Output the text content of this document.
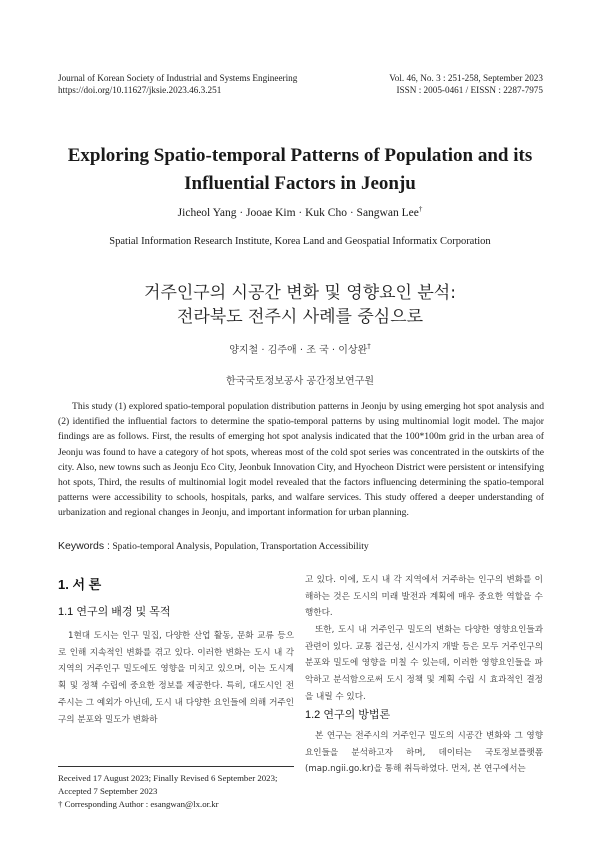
Journal of Korean Society of Industrial and Systems Engineering
https://doi.org/10.11627/jksie.2023.46.3.251
Vol. 46, No. 3 : 251-258, September 2023
ISSN : 2005-0461 / EISSN : 2287-7975
Exploring Spatio-temporal Patterns of Population and its
Influential Factors in Jeonju
Jicheol Yang · Jooae Kim · Kuk Cho · Sangwan Lee†
Spatial Information Research Institute, Korea Land and Geospatial Informatix Corporation
거주인구의 시공간 변화 및 영향요인 분석:
전라북도 전주시 사례를 중심으로
양지철 · 김주애 · 조 국 · 이상완†
한국국토정보공사 공간정보연구원
This study (1) explored spatio-temporal population distribution patterns in Jeonju by using emerging hot spot analysis and (2) identified the influential factors to determine the spatio-temporal patterns by using multinomial logit model. The major findings are as follows. First, the results of emerging hot spot analysis indicated that the 100*100m grid in the urban area of Jeonju was found to have a category of hot spots, whereas most of the cold spot series was concentrated in the outskirts of the city. Also, new towns such as Jeonju Eco City, Jeonbuk Innovation City, and Hyocheon District were persistent or intensifying hot spots, Third, the results of multinomial logit model revealed that the factors influencing determining the spatio-temporal patterns were accessibility to schools, hospitals, parks, and walfare services. This study offered a deeper understanding of urbanization and regional changes in Jeonju, and important information for urban planning.
Keywords : Spatio-temporal Analysis, Population, Transportation Accessibility
1. 서 론
1.1 연구의 배경 및 목적
1현대 도시는 인구 밀집, 다양한 산업 활동, 문화 교류 등으로 인해 지속적인 변화를 겪고 있다. 이러한 변화는 도시 내 각 지역의 거주인구 밀도에도 영향을 미치고 있으며, 이는 도시계획 및 정책 수립에 중요한 정보를 제공한다. 특히, 대도시인 전주시는 그 예외가 아닌데, 도시 내 다양한 요인들에 의해 거주인구의 분포와 밀도가 변화하
Received 17 August 2023; Finally Revised 6 September 2023; Accepted 7 September 2023
† Corresponding Author : esangwan@lx.or.kr
고 있다. 이에, 도시 내 각 지역에서 거주하는 인구의 변화를 이해하는 것은 도시의 미래 발전과 계획에 매우 중요한 역할을 수행한다.
또한, 도시 내 거주인구 밀도의 변화는 다양한 영향요인들과 관련이 있다. 교통 접근성, 신시가지 개발 등은 모두 거주인구의 분포와 밀도에 영향을 미칠 수 있는데, 이러한 영향요인들을 파악하고 분석함으로써 도시 정책 및 계획 수립 시 효과적인 결정을 내릴 수 있다.
1.2 연구의 방법론
본 연구는 전주시의 거주인구 밀도의 시공간 변화와 그 영향요인들을 분석하고자 하며, 데이터는 국토정보플랫폼(map.ngii.go.kr)을 통해 취득하였다. 먼저, 본 연구에서는
